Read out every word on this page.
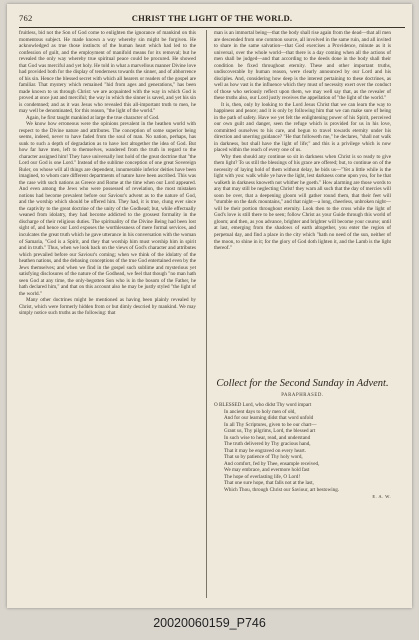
762	CHRIST THE LIGHT OF THE WORLD.

fruitless, bid not the Son of God come to enlighten the ignorance of mankind on this momentous subject. He made known a way whereby sin might be forgiven. He acknowledged as true those instincts of the human heart which had led to the confession of guilt, and the employment of manifold means for its removal; but he revealed the only way whereby true spiritual peace could be procured. He showed that God was merciful and yet holy. He told in what a marvellous manner Divine love had provided both for the display of tenderness towards the sinner, and of abhorrence of his sin. Hence the blessed secret with which all hearers or readers of the gospel are familiar. That mystery which remained "hid from ages and generations," has been made known to us through Christ: we are acquainted with the way in which God is proved at once just and merciful; the way in which the sinner is saved, and yet his sin is condemned; and as it was Jesus who revealed this all-important truth to men, he may well be denominated, for this reason, "the light of the world."

Again, he first taught mankind at large the true character of God.

We know how erroneous were the opinions prevalent in the heathen world with respect to the Divine nature and attributes. The conception of some superior being seems, indeed, never to have faded from the soul of man. No nation, perhaps, has sunk to such a depth of degradation as to have lost altogether the idea of God. But how far have men, left to themselves, wandered from the truth in regard to the character assigned him! They have universally lost hold of the great doctrine that "the Lord our God is one Lord." Instead of the sublime conception of one great Sovereign Ruler, on whose will all things are dependent, innumerable inferior deities have been imagined, to whom care different departments of nature have been ascribed. This was the case with such nations as Greece and Rome at the time when our Lord appeared. And even among the Jews who were possessed of revelation, the most mistaken notions had become prevalent before our Saviour's advent as to the nature of God, and the worship which should be offered him. They had, it is true, clung ever since the captivity to the great doctrine of the unity of the Godhead; but, while effectually weaned from idolatry, they had become addicted to the grossest formality in the discharge of their religious duties. The spirituality of the Divine Being had been lost sight of, and hence our Lord exposes the worthlessness of mere formal services, and inculcates the great truth which he gave utterance in his conversation with the woman of Samaria, "God is a Spirit, and they that worship him must worship him in spirit and in truth." Thus, when we look back on the views of God's character and attributes which prevailed before our Saviour's coming; when we think of the idolatry of the heathen nations, and the debasing conceptions of the true God entertained even by the Jews themselves; and when we find in the gospel such sublime and mysterious yet satisfying disclosures of the nature of the Godhead, we feel that though "no man hath seen God at any time, the only-begotten Son who is in the bosom of the Father, he hath declared him," and that on this account also he may be justly styled "the light of the world."

Many other doctrines might be mentioned as having been plainly revealed by Christ, which were formerly hidden from or but dimly descried by mankind. We may simply notice such truths as the following: that

man is an immortal being—that the body shall rise again from the dead—that all men are descended from one common source, all involved in the same ruin, and all invited to share in the same salvation—that God exercises a Providence, minute as it is universal, over the whole world—that there is a day coming when all the actions of men shall be judged—and that according to the deeds done in the body shall their condition be fixed throughout eternity. These and other important truths, undiscoverable by human reason, were clearly announced by our Lord and his disciples. And, considering how deep is the interest pertaining to these doctrines, as well as how vast is the influence which they must of necessity exert over the conduct of those who seriously reflect upon them, we may well say that, as the revealer of these truths also, our Lord justly receives the appellation of "the light of the world."

It is, then, only by looking to the Lord Jesus Christ that we can learn the way to happiness and peace; and it is only by following him that we can make sure of being in the path of safety. Have we yet felt the enlightening power of his Spirit, perceived our own guilt and danger, seen the refuge which is provided for us in his love, committed ourselves to his care, and begun to travel towards eternity under his direction and unerring guidance? "He that followeth me," he declares, "shall not walk in darkness, but shall have the light of life;" and this is a privilege which is now placed within the reach of every one of us.

Why then should any continue so sit in darkness when Christ is so ready to give them light? To us still the blessings of his grace are offered; but, to continue on of the necessity of laying hold of them without delay, he bids us—"Yet a little while is the light with you: walk while ye have the light, lest darkness come upon you, for he that walketh in darkness knoweth not whither he goeth." How alarming are those words to any that may still be neglecting Christ! they warn all such that the day of mercies will soon be over, that a deepening gloom will gather round them, that their feet will "stumble on the dark mountains," and that night—a long, cheerless, unbroken night—will be their portion throughout eternity. Look then to the cross while the light of God's love is still there to be seen; follow Christ as your Guide through this world of gloom; and then, as you advance, brighter and brighter will become your course; until at last, emerging from the shadows of earth altogether, you enter the region of perpetual day, and find a place in the city which "hath no need of the sun, neither of the moon, to shine in it; for the glory of God doth lighten it, and the Lamb is the light thereof."

Collect for the Second Sunday in Advent.
PARAPHRASED.
O BLESSED Lord, who didst Thy word impart
In ancient days to holy men of old,
And for our learning didst that word unfold
In all Thy Scriptures, given to be our chart—
Grant us, Thy pilgrims, Lord, the blessed art
In such wise to hear, read, and understand
The truth delivered by Thy gracious hand,
That it may be engraved on every heart.
That so by patience of Thy holy word,
And comfort, fed by Thee, ensample received,
We may embrace, and evermore hold fast
The hope of everlasting life, O Lord!
That one sure hope, that falls not at the last,
Which Thou, through Christ our Saviour, art bestowing.
E. A. W.
20020060159_P746
